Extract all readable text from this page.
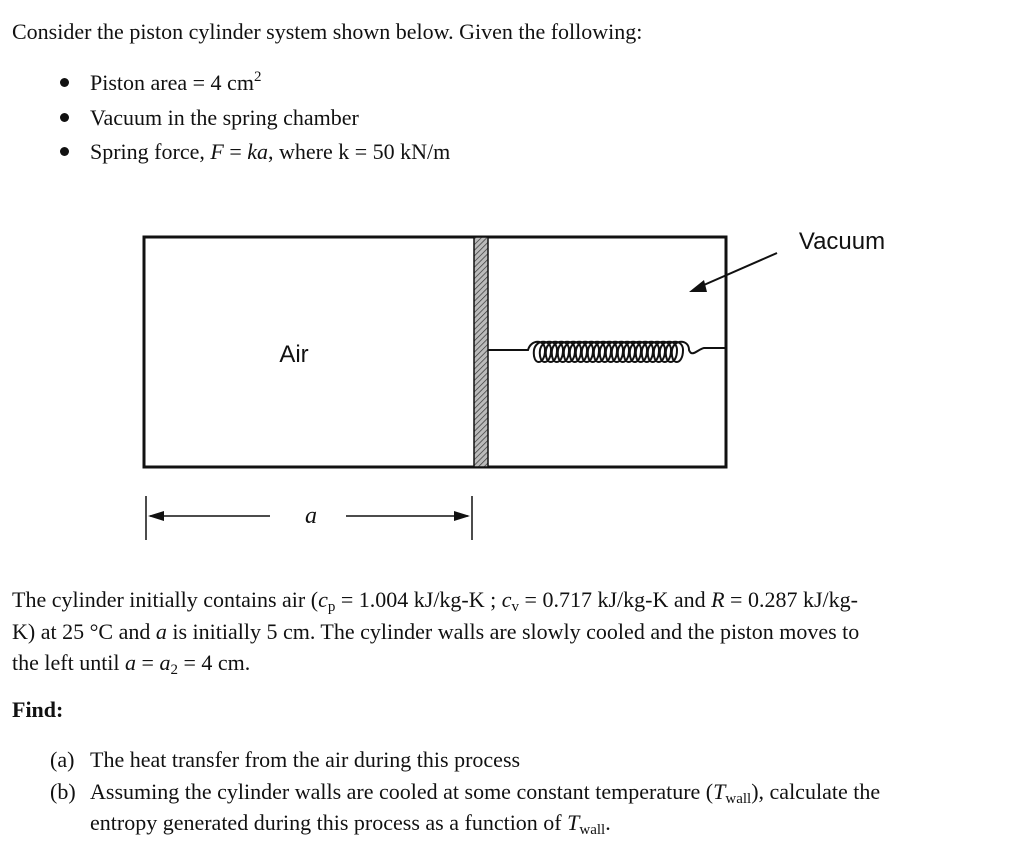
Consider the piston cylinder system shown below. Given the following:
Piston area = 4 $cm^2$
Vacuum in the spring chamber
Spring force, F = ka, where k = 50 kN/m
Air
Vacuum
a
The cylinder initially contains air ($c_p = 1.004$ kJ/kg-K ; $c_v = 0.717$ kJ/kg-K and R = 0.287 kJ/kg-
K) at 25 °C and a is initially 5 cm. The cylinder walls are slowly cooled and the piston moves to
the left until $a = a_2 = 4$ cm.
Find:
(a) The heat transfer from the air during this process
(b) Assuming the cylinder walls are cooled at some constant temperature $(T_{wall})$, calculate the
entropy generated during this process as a function of $T_{wall}$.
